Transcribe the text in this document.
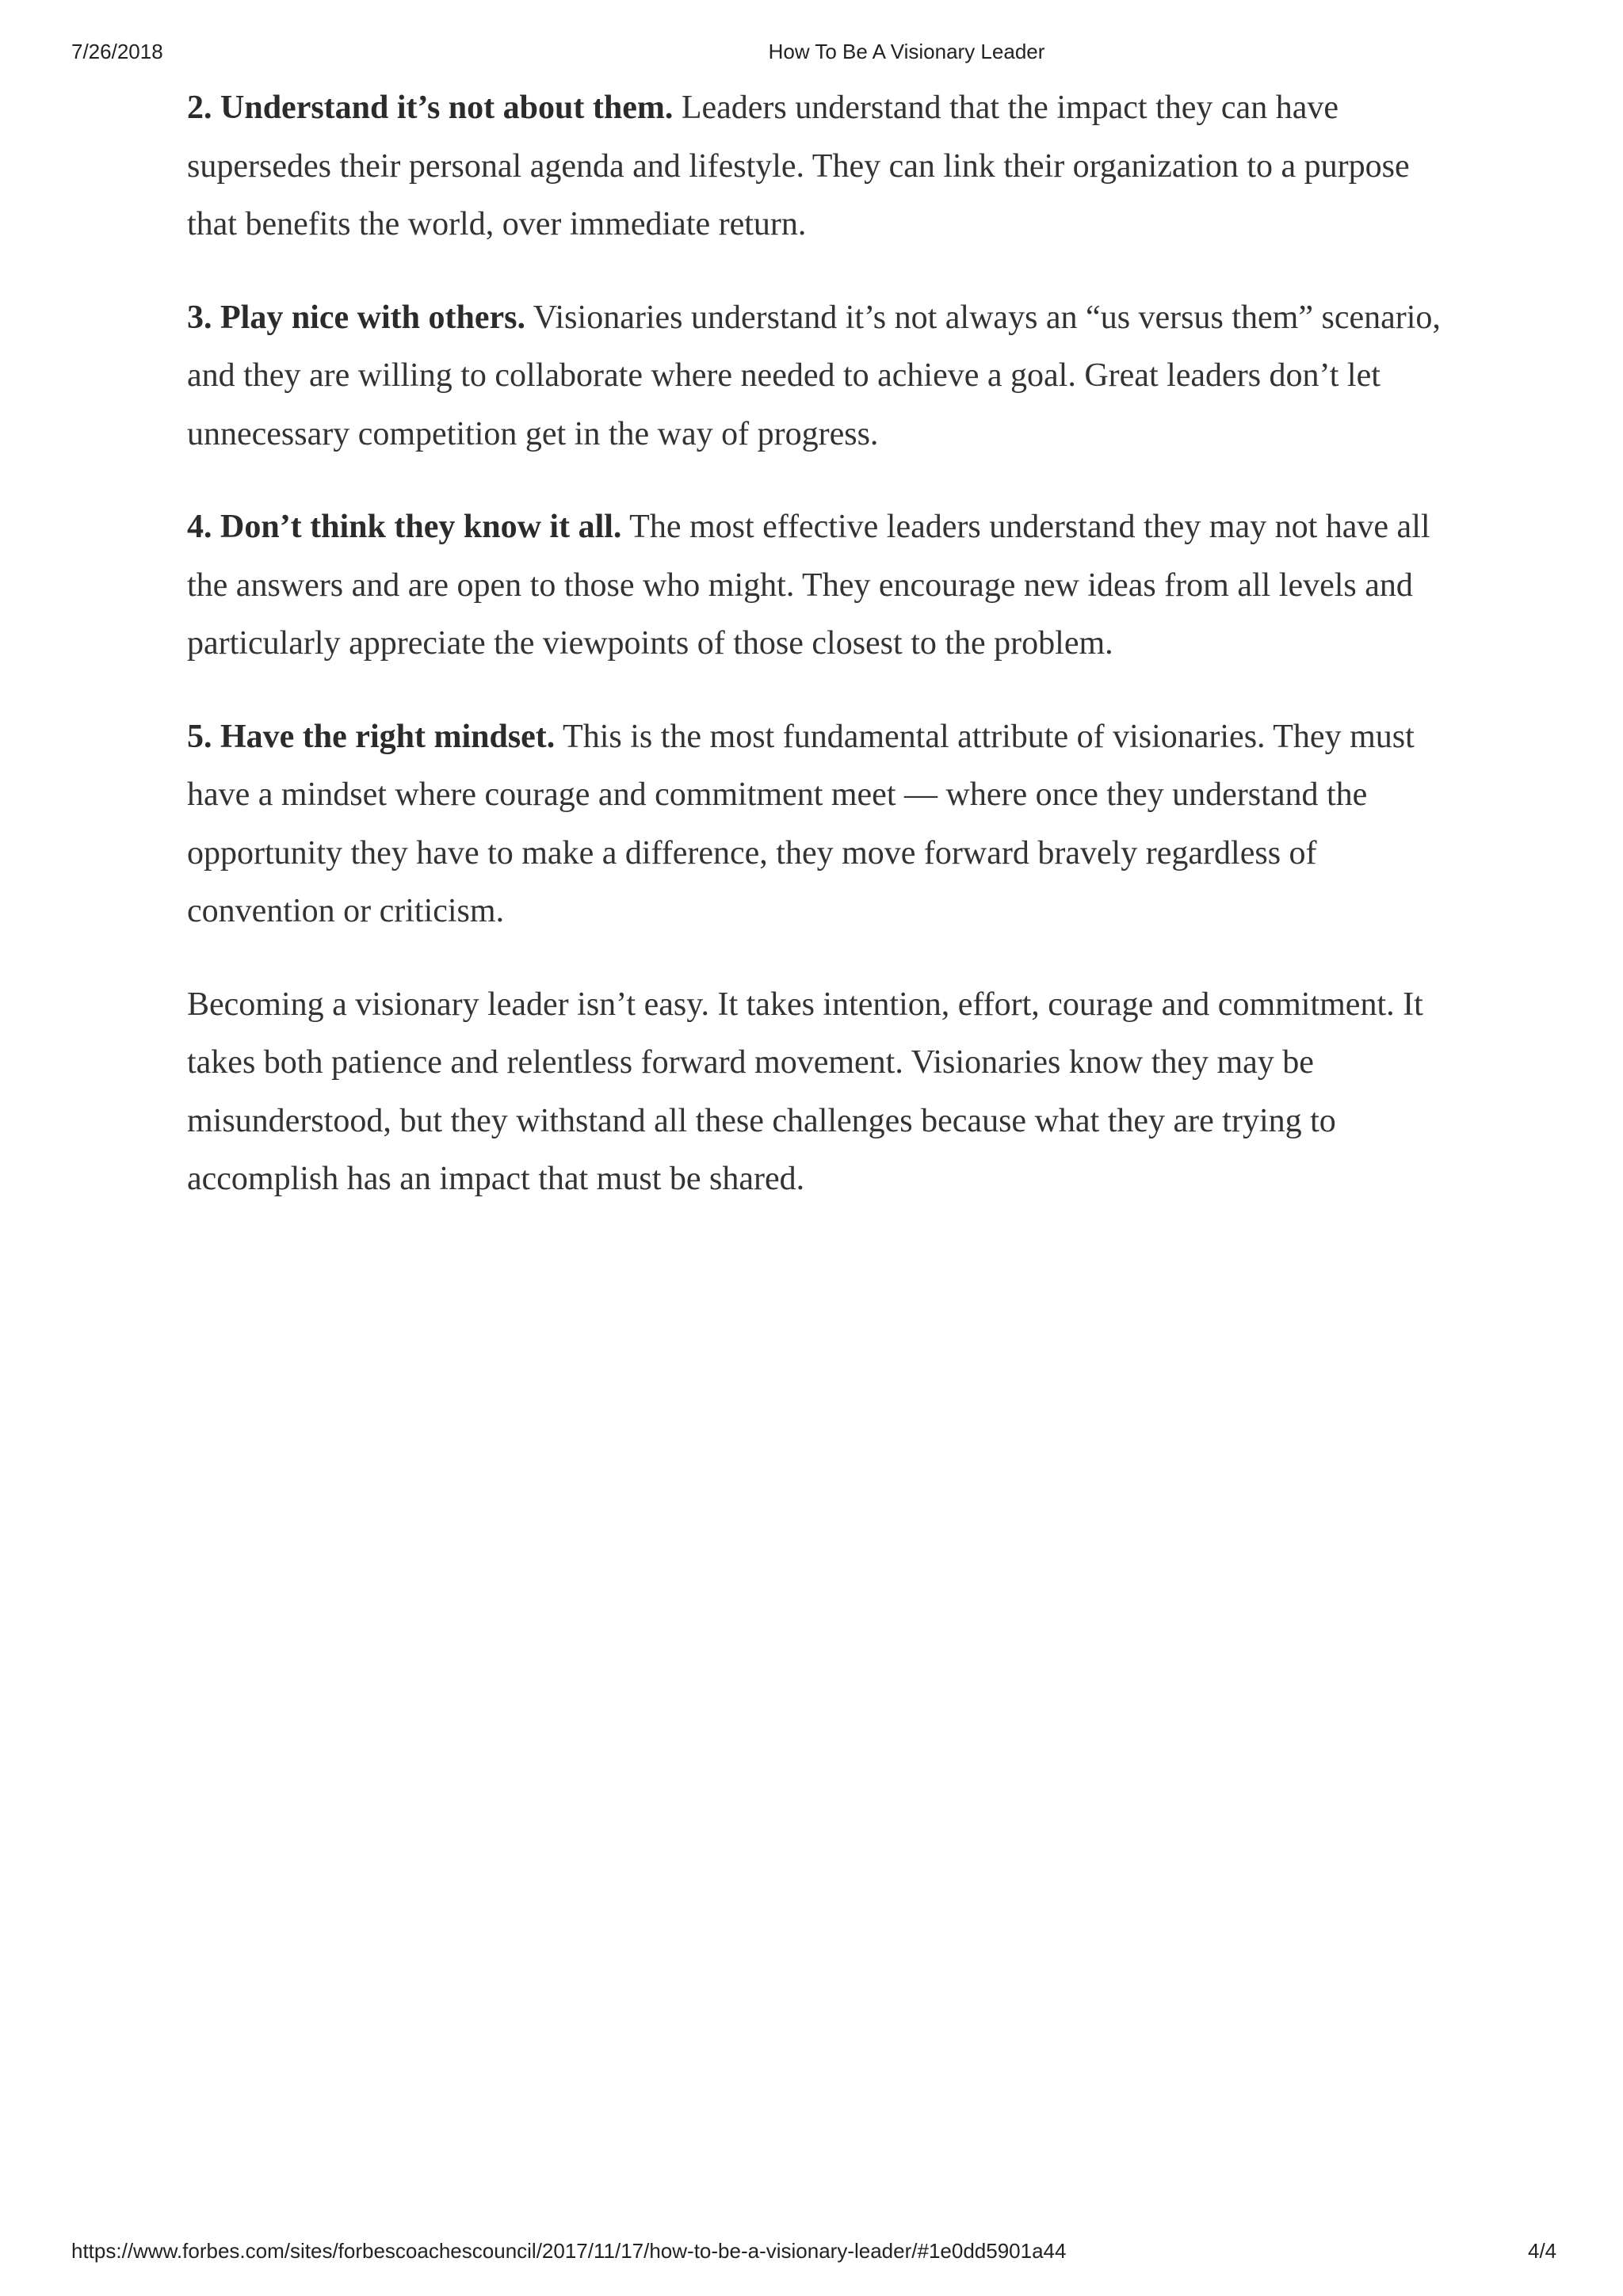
7/26/2018	How To Be A Visionary Leader

2. Understand it’s not about them. Leaders understand that the impact they can have supersedes their personal agenda and lifestyle. They can link their organization to a purpose that benefits the world, over immediate return.

3. Play nice with others. Visionaries understand it’s not always an “us versus them” scenario, and they are willing to collaborate where needed to achieve a goal. Great leaders don’t let unnecessary competition get in the way of progress.

4. Don’t think they know it all. The most effective leaders understand they may not have all the answers and are open to those who might. They encourage new ideas from all levels and particularly appreciate the viewpoints of those closest to the problem.

5. Have the right mindset. This is the most fundamental attribute of visionaries. They must have a mindset where courage and commitment meet — where once they understand the opportunity they have to make a difference, they move forward bravely regardless of convention or criticism.

Becoming a visionary leader isn’t easy. It takes intention, effort, courage and commitment. It takes both patience and relentless forward movement. Visionaries know they may be misunderstood, but they withstand all these challenges because what they are trying to accomplish has an impact that must be shared.

https://www.forbes.com/sites/forbescoachescouncil/2017/11/17/how-to-be-a-visionary-leader/#1e0dd5901a44	4/4
